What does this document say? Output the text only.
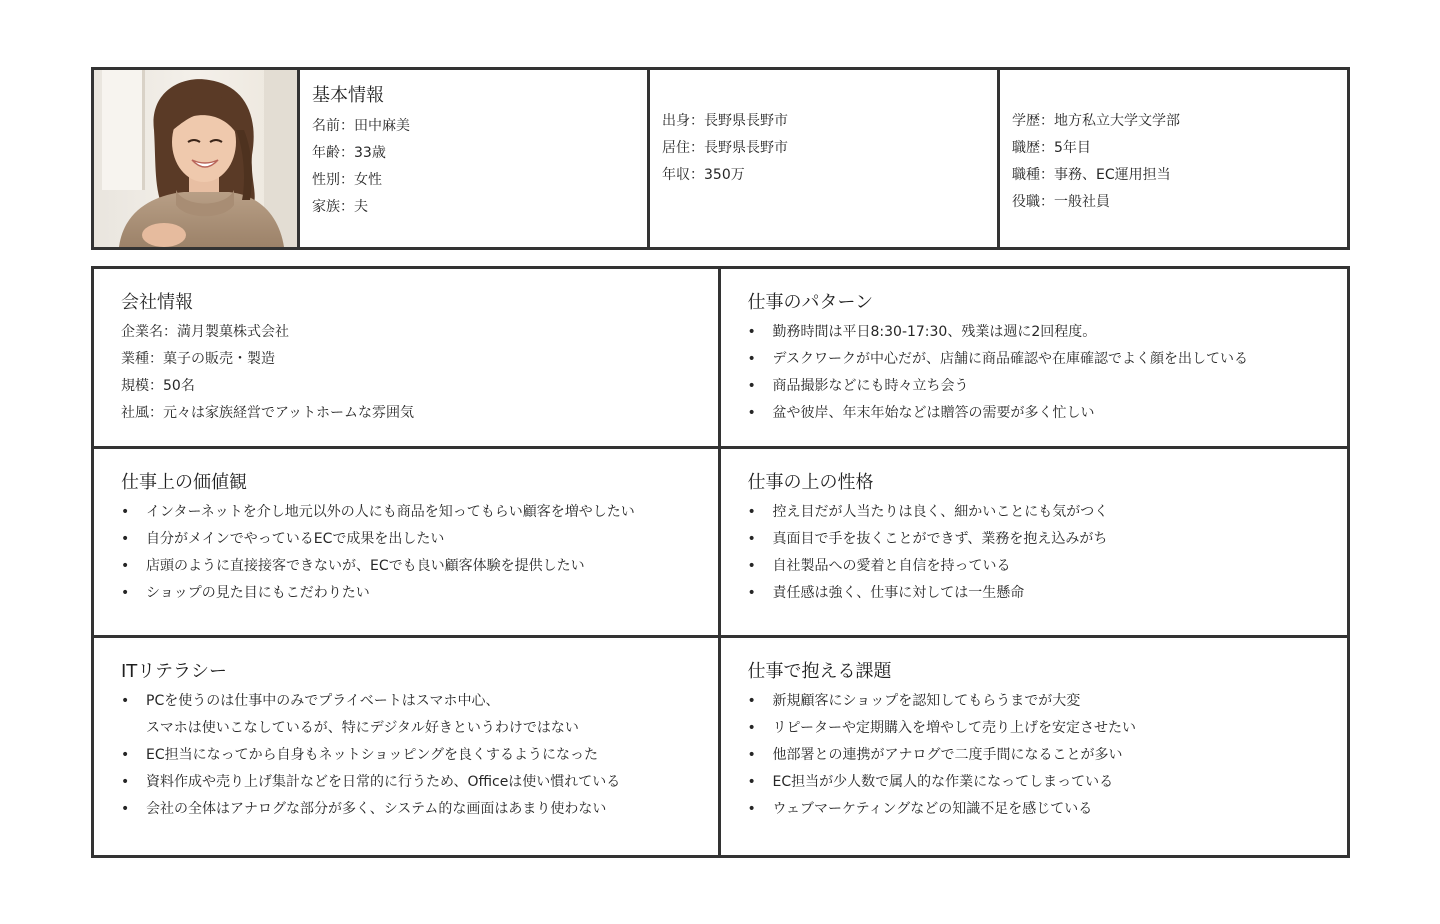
基本情報
名前：田中麻美
年齢：33歳
性別：女性
家族：夫
出身：長野県長野市
居住：長野県長野市
年収：350万
学歴：地方私立大学文学部
職歴：5年目
職種：事務、EC運用担当
役職：一般社員
会社情報
企業名：満月製菓株式会社
業種：菓子の販売・製造
規模：50名
社風：元々は家族経営でアットホームな雰囲気
仕事のパターン
• 勤務時間は平日8:30-17:30、残業は週に2回程度。
• デスクワークが中心だが、店舗に商品確認や在庫確認でよく顔を出している
• 商品撮影などにも時々立ち会う
• 盆や彼岸、年末年始などは贈答の需要が多く忙しい
仕事上の価値観
• インターネットを介し地元以外の人にも商品を知ってもらい顧客を増やしたい
• 自分がメインでやっているECで成果を出したい
• 店頭のように直接接客できないが、ECでも良い顧客体験を提供したい
• ショップの見た目にもこだわりたい
仕事の上の性格
• 控え目だが人当たりは良く、細かいことにも気がつく
• 真面目で手を抜くことができず、業務を抱え込みがち
• 自社製品への愛着と自信を持っている
• 責任感は強く、仕事に対しては一生懸命
ITリテラシー
• PCを使うのは仕事中のみでプライベートはスマホ中心、
スマホは使いこなしているが、特にデジタル好きというわけではない
• EC担当になってから自身もネットショッピングを良くするようになった
• 資料作成や売り上げ集計などを日常的に行うため、Officeは使い慣れている
• 会社の全体はアナログな部分が多く、システム的な画面はあまり使わない
仕事で抱える課題
• 新規顧客にショップを認知してもらうまでが大変
• リピーターや定期購入を増やして売り上げを安定させたい
• 他部署との連携がアナログで二度手間になることが多い
• EC担当が少人数で属人的な作業になってしまっている
• ウェブマーケティングなどの知識不足を感じている
